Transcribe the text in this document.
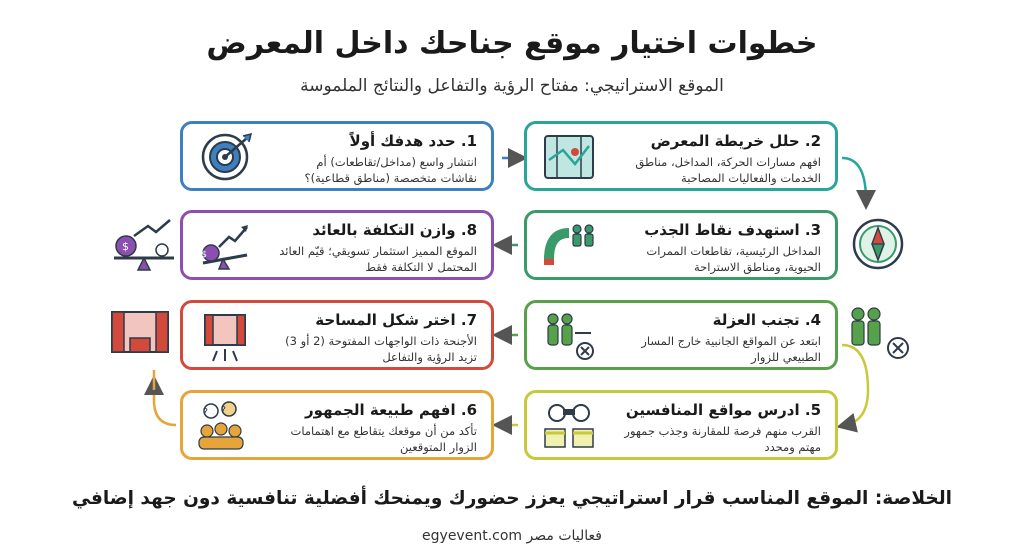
خطوات اختيار موقع جناحك داخل المعرض
الموقع الاستراتيجي: مفتاح الرؤية والتفاعل والنتائج الملموسة
1. حدد هدفك أولاً
انتشار واسع (مداخل/تقاطعات) أم نقاشات متخصصة (مناطق قطاعية)؟
2. حلل خريطة المعرض
افهم مسارات الحركة، المداخل، مناطق الخدمات والفعاليات المصاحبة
8. وازن التكلفة بالعائد
الموقع المميز استثمار تسويقي؛ قيّم العائد المحتمل لا التكلفة فقط
$
3. استهدف نقاط الجذب
المداخل الرئيسية، تقاطعات الممرات الحيوية، ومناطق الاستراحة
7. اختر شكل المساحة
الأجنحة ذات الواجهات المفتوحة (2 أو 3) تزيد الرؤية والتفاعل
4. تجنب العزلة
ابتعد عن المواقع الجانبية خارج المسار الطبيعي للزوار
6. افهم طبيعة الجمهور
تأكد من أن موقعك يتقاطع مع اهتمامات الزوار المتوقعين
? ?	5. ادرس مواقع المنافسين
القرب منهم فرصة للمقارنة وجذب جمهور مهتم ومحدد
$
الخلاصة: الموقع المناسب قرار استراتيجي يعزز حضورك ويمنحك أفضلية تنافسية دون جهد إضافي
egyevent.com فعاليات مصر
